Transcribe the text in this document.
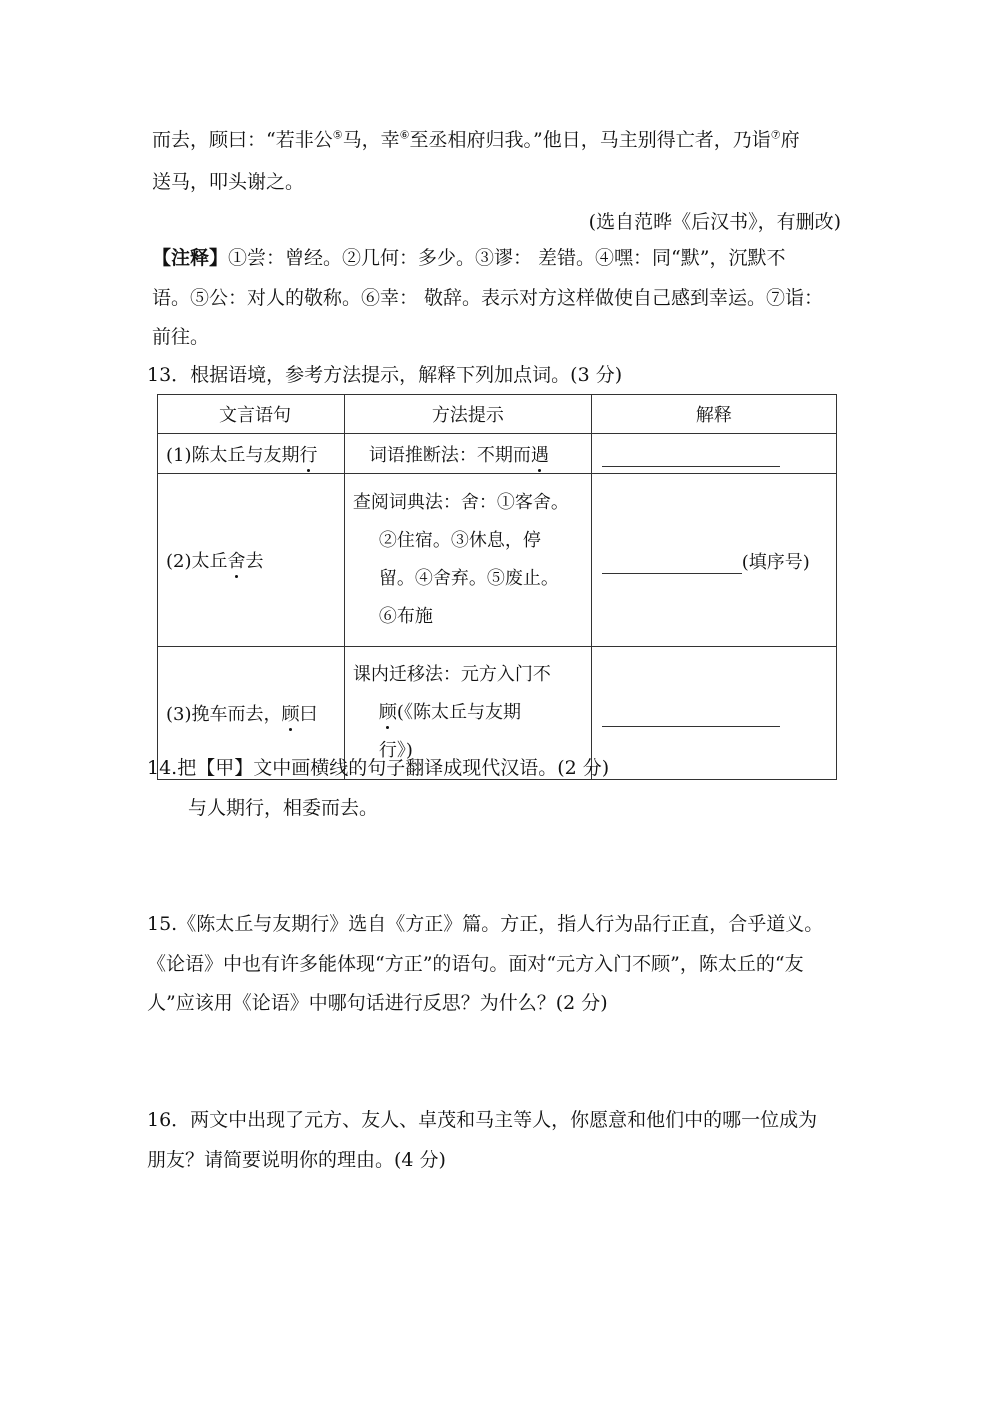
而去，顾曰：“若非公⑤马，幸⑥至丞相府归我。”他日，马主别得亡者，乃诣⑦府
送马，叩头谢之。
(选自范晔《后汉书》，有删改)
【注释】①尝：曾经。②几何：多少。③谬： 差错。④嘿：同“默”，沉默不
语。⑤公：对人的敬称。⑥幸： 敬辞。表示对方这样做使自己感到幸运。⑦诣：
前往。
13．根据语境，参考方法提示，解释下列加点词。(3 分)
文言语句	方法提示	解释
(1)陈太丘与友期行	词语推断法：不期而遇	
(2)太丘舍去	查阅词典法：舍：①客舍。
②住宿。③休息，停
留。④舍弃。⑤废止。
⑥布施	(填序号)
(3)挽车而去，顾曰	课内迁移法：元方入门不
顾(《陈太丘与友期
行》)	

14.把【甲】文中画横线的句子翻译成现代汉语。(2 分)
与人期行，相委而去。
15.《陈太丘与友期行》选自《方正》篇。方正，指人行为品行正直，合乎道义。
《论语》中也有许多能体现“方正”的语句。面对“元方入门不顾”，陈太丘的“友
人”应该用《论语》中哪句话进行反思？为什么？(2 分)
16．两文中出现了元方、友人、卓茂和马主等人，你愿意和他们中的哪一位成为
朋友？请简要说明你的理由。(4 分)
